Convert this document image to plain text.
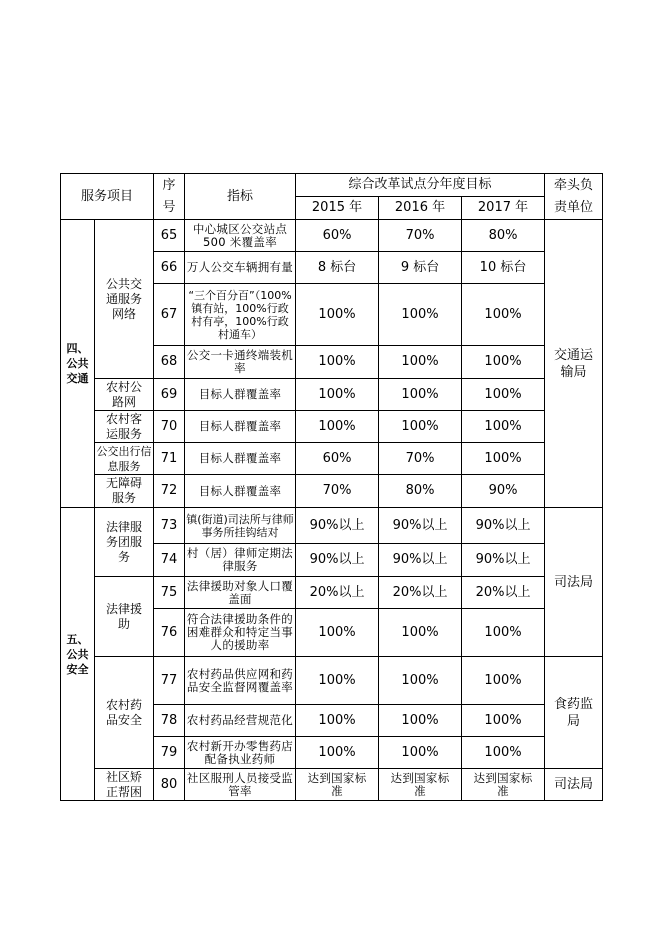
服务项目		序号	指标	综合改革试点分年度目标			牵头负责单位
				2015 年	2016 年	2017 年	
四、公共交通	公共交通服务网络	65	中心城区公交站点 500 米覆盖率	60%	70%	80%	交通运输局
		66	万人公交车辆拥有量	8 标台	9 标台	10 标台	
		67	“三个百分百”（100%镇有站，100%行政村有亭，100%行政村通车）	100%	100%	100%	
		68	公交一卡通终端装机率	100%	100%	100%	
	农村公路网	69	目标人群覆盖率	100%	100%	100%	
	农村客运服务	70	目标人群覆盖率	100%	100%	100%	
	公交出行信息服务	71	目标人群覆盖率	60%	70%	100%	
	无障碍服务	72	目标人群覆盖率	70%	80%	90%	
五、公共安全	法律服务团服务	73	镇(街道)司法所与律师事务所挂钩结对	90%以上	90%以上	90%以上	司法局
		74	村（居）律师定期法律服务	90%以上	90%以上	90%以上	
	法律援助	75	法律援助对象人口覆盖面	20%以上	20%以上	20%以上	
		76	符合法律援助条件的困难群众和特定当事人的援助率	100%	100%	100%	
	农村药品安全	77	农村药品供应网和药品安全监督网覆盖率	100%	100%	100%	食药监局
		78	农村药品经营规范化	100%	100%	100%	
		79	农村新开办零售药店配备执业药师	100%	100%	100%	
	社区矫正帮困	80	社区服刑人员接受监管率	达到国家标准	达到国家标准	达到国家标准	司法局
